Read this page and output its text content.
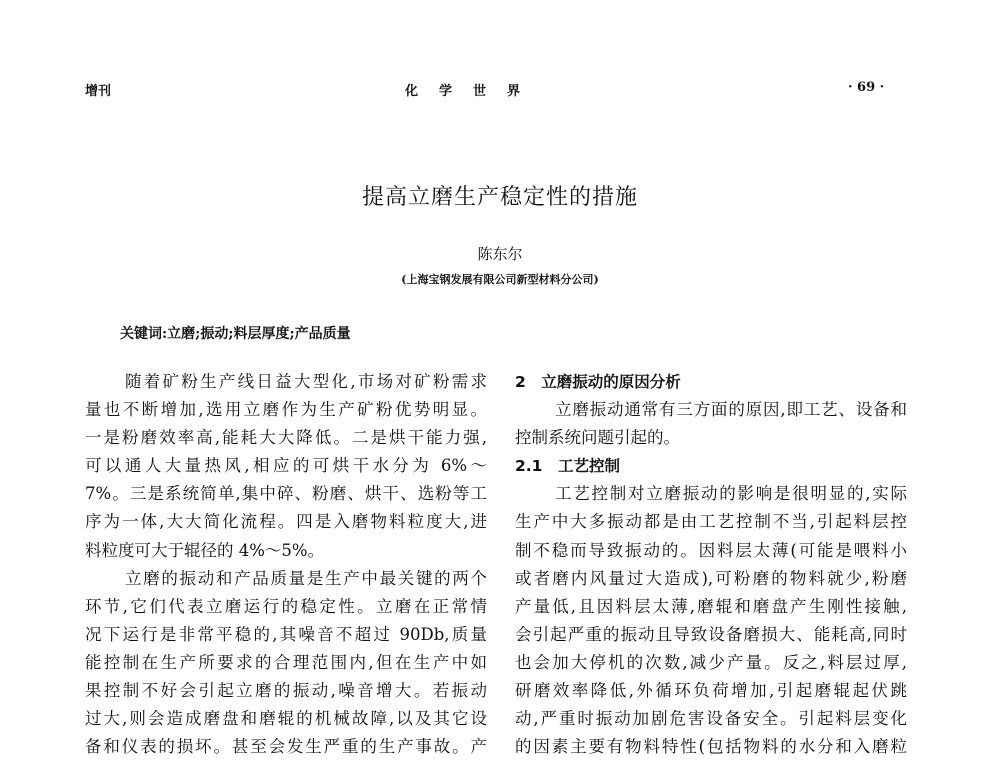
增刊	化　学　世　界	· 69 ·
提高立磨生产稳定性的措施
陈东尔
(上海宝钢发展有限公司新型材料分公司)
关键词:立磨;振动;料层厚度;产品质量
随着矿粉生产线日益大型化,市场对矿粉需求
量也不断增加,选用立磨作为生产矿粉优势明显。
一是粉磨效率高,能耗大大降低。二是烘干能力强,
可以通人大量热风,相应的可烘干水分为 6%～
7%。三是系统简单,集中碎、粉磨、烘干、选粉等工
序为一体,大大简化流程。四是入磨物料粒度大,进
料粒度可大于辊径的 4%～5%。
立磨的振动和产品质量是生产中最关键的两个
环节,它们代表立磨运行的稳定性。立磨在正常情
况下运行是非常平稳的,其噪音不超过 90Db,质量
能控制在生产所要求的合理范围内,但在生产中如
果控制不好会引起立磨的振动,噪音增大。若振动
过大,则会造成磨盘和磨辊的机械故障,以及其它设
备和仪表的损坏。甚至会发生严重的生产事故。产
2　立磨振动的原因分析
立磨振动通常有三方面的原因,即工艺、设备和
控制系统问题引起的。
2.1　工艺控制
工艺控制对立磨振动的影响是很明显的,实际
生产中大多振动都是由工艺控制不当,引起料层控
制不稳而导致振动的。因料层太薄(可能是喂料小
或者磨内风量过大造成),可粉磨的物料就少,粉磨
产量低,且因料层太薄,磨辊和磨盘产生刚性接触,
会引起严重的振动且导致设备磨损大、能耗高,同时
也会加大停机的次数,减少产量。反之,料层过厚,
研磨效率降低,外循环负荷增加,引起磨辊起伏跳
动,严重时振动加剧危害设备安全。引起料层变化
的因素主要有物料特性(包括物料的水分和入磨粒
